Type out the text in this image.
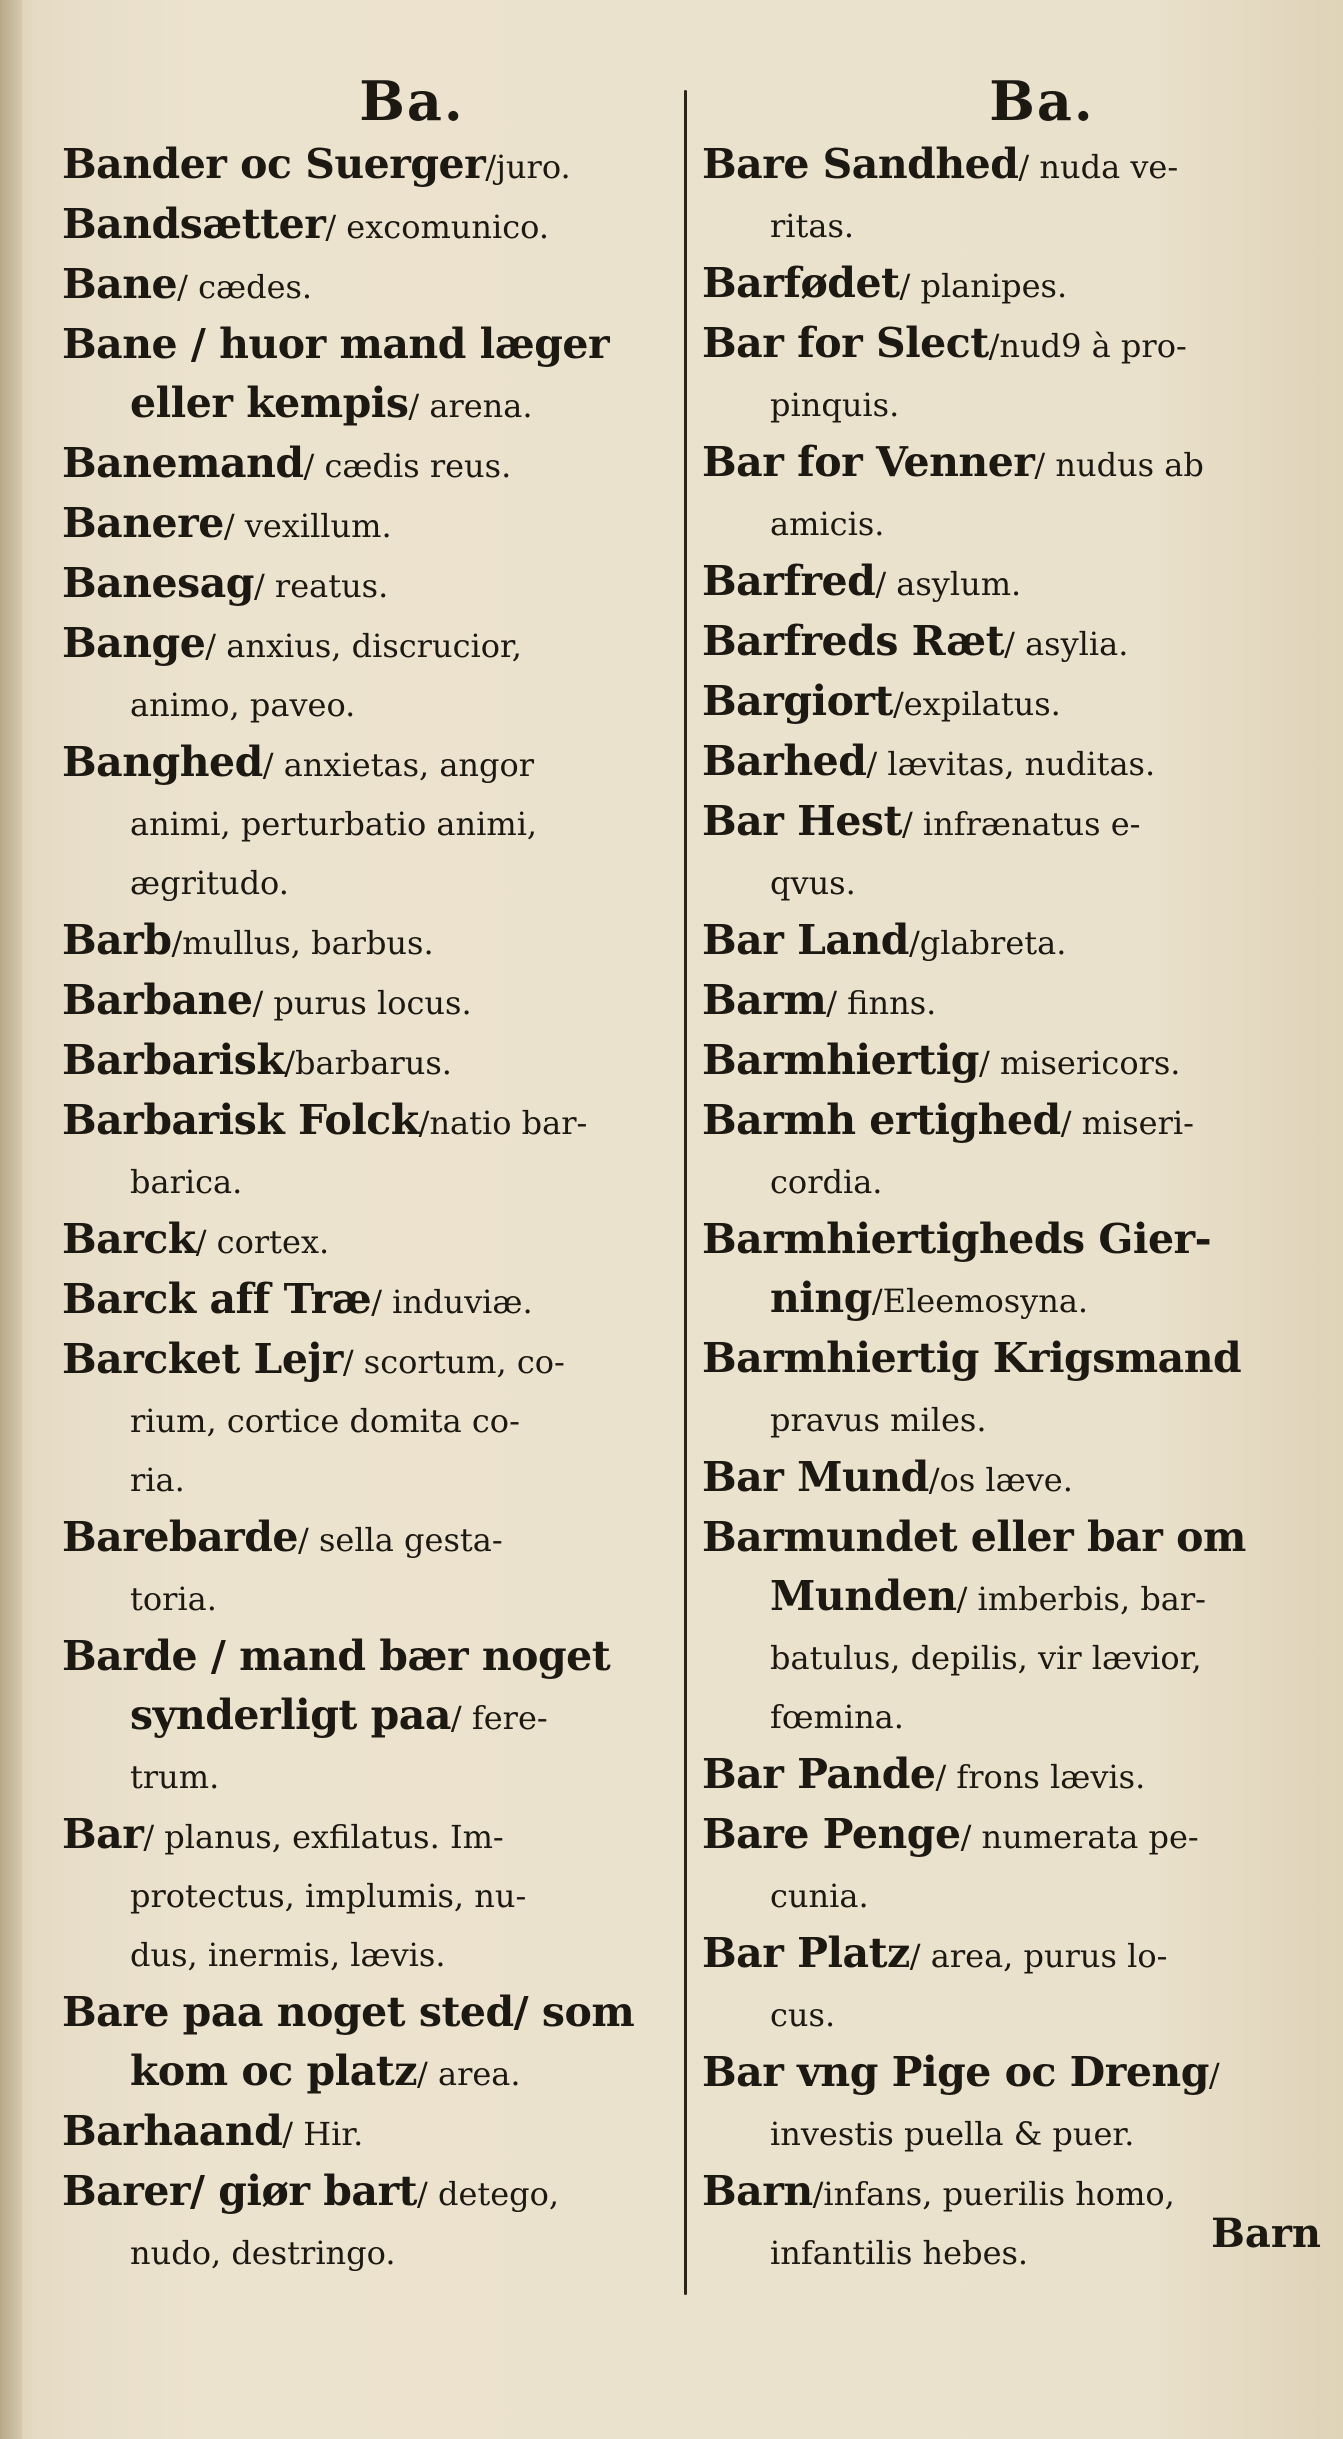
Ba.
Bander oc Suerger/juro.
Bandsætter/ excomunico.
Bane/ cædes.
Bane / huor mand læger
eller kempis/ arena.
Banemand/ cædis reus.
Banere/ vexillum.
Banesag/ reatus.
Bange/ anxius, discrucior,
animo, paveo.
Banghed/ anxietas, angor
animi, perturbatio animi,
ægritudo.
Barb/mullus, barbus.
Barbane/ purus locus.
Barbarisk/barbarus.
Barbarisk Folck/natio bar-
barica.
Barck/ cortex.
Barck aff Træ/ induviæ.
Barcket Lejr/ scortum, co-
rium, cortice domita co-
ria.
Barebarde/ sella gesta-
toria.
Barde / mand bær noget
synderligt paa/ fere-
trum.
Bar/ planus, exfilatus. Im-
protectus, implumis, nu-
dus, inermis, lævis.
Bare paa noget sted/ som
kom oc platz/ area.
Barhaand/ Hir.
Barer/ giør bart/ detego,
nudo, destringo.
Ba.
Bare Sandhed/ nuda ve-
ritas.
Barfødet/ planipes.
Bar for Slect/nud9 à pro-
pinquis.
Bar for Venner/ nudus ab
amicis.
Barfred/ asylum.
Barfreds Ræt/ asylia.
Bargiort/expilatus.
Barhed/ lævitas, nuditas.
Bar Hest/ infrænatus e-
qvus.
Bar Land/glabreta.
Barm/ finns.
Barmhiertig/ misericors.
Barmh ertighed/ miseri-
cordia.
Barmhiertigheds Gier-
ning/Eleemosyna.
Barmhiertig Krigsmand
pravus miles.
Bar Mund/os læve.
Barmundet eller bar om
Munden/ imberbis, bar-
batulus, depilis, vir lævior,
fœmina.
Bar Pande/ frons lævis.
Bare Penge/ numerata pe-
cunia.
Bar Platz/ area, purus lo-
cus.
Bar vng Pige oc Dreng/
investis puella & puer.
Barn/infans, puerilis homo,
infantilis hebes.	Barn
